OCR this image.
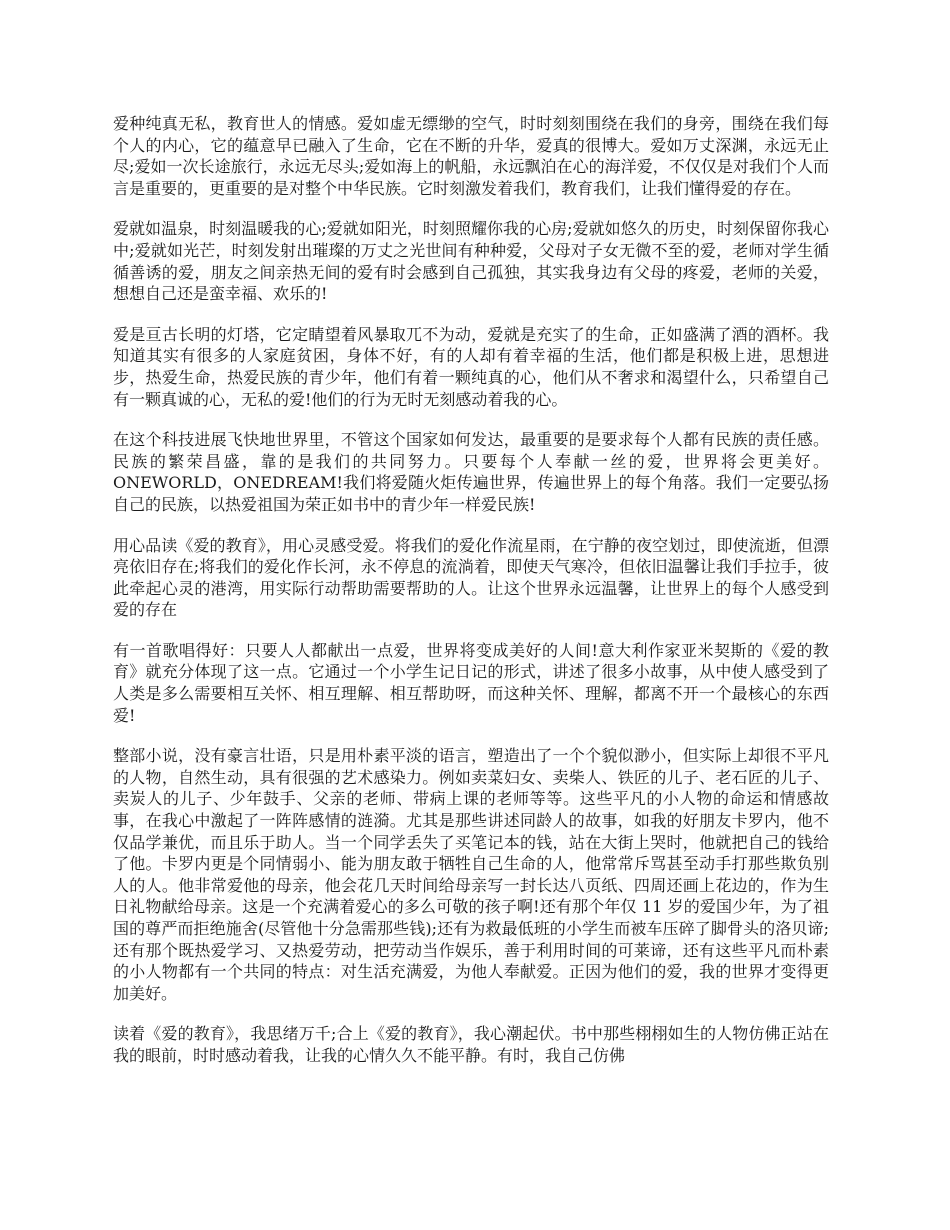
爱种纯真无私，教育世人的情感。爱如虚无缥缈的空气，时时刻刻围绕在我们的身旁，围绕在我们每个人的内心，它的蕴意早已融入了生命，它在不断的升华，爱真的很博大。爱如万丈深渊，永远无止尽;爱如一次长途旅行，永远无尽头;爱如海上的帆船，永远飘泊在心的海洋爱，不仅仅是对我们个人而言是重要的，更重要的是对整个中华民族。它时刻激发着我们，教育我们，让我们懂得爱的存在。

爱就如温泉，时刻温暖我的心;爱就如阳光，时刻照耀你我的心房;爱就如悠久的历史，时刻保留你我心中;爱就如光芒，时刻发射出璀璨的万丈之光世间有种种爱，父母对子女无微不至的爱，老师对学生循循善诱的爱，朋友之间亲热无间的爱有时会感到自己孤独，其实我身边有父母的疼爱，老师的关爱，想想自己还是蛮幸福、欢乐的!

爱是亘古长明的灯塔，它定睛望着风暴取兀不为动，爱就是充实了的生命，正如盛满了酒的酒杯。我知道其实有很多的人家庭贫困，身体不好，有的人却有着幸福的生活，他们都是积极上进，思想进步，热爱生命，热爱民族的青少年，他们有着一颗纯真的心，他们从不奢求和渴望什么，只希望自己有一颗真诚的心，无私的爱!他们的行为无时无刻感动着我的心。

在这个科技进展飞快地世界里，不管这个国家如何发达，最重要的是要求每个人都有民族的责任感。民族的繁荣昌盛，靠的是我们的共同努力。只要每个人奉献一丝的爱，世界将会更美好。ONEWORLD，ONEDREAM!我们将爱随火炬传遍世界，传遍世界上的每个角落。我们一定要弘扬自己的民族，以热爱祖国为荣正如书中的青少年一样爱民族!

用心品读《爱的教育》，用心灵感受爱。将我们的爱化作流星雨，在宁静的夜空划过，即使流逝，但漂亮依旧存在;将我们的爱化作长河，永不停息的流淌着，即使天气寒冷，但依旧温馨让我们手拉手，彼此牵起心灵的港湾，用实际行动帮助需要帮助的人。让这个世界永远温馨，让世界上的每个人感受到爱的存在

有一首歌唱得好：只要人人都献出一点爱，世界将变成美好的人间!意大利作家亚米契斯的《爱的教育》就充分体现了这一点。它通过一个小学生记日记的形式，讲述了很多小故事，从中使人感受到了人类是多么需要相互关怀、相互理解、相互帮助呀，而这种关怀、理解，都离不开一个最核心的东西爱!

整部小说，没有豪言壮语，只是用朴素平淡的语言，塑造出了一个个貌似渺小，但实际上却很不平凡的人物，自然生动，具有很强的艺术感染力。例如卖菜妇女、卖柴人、铁匠的儿子、老石匠的儿子、卖炭人的儿子、少年鼓手、父亲的老师、带病上课的老师等等。这些平凡的小人物的命运和情感故事，在我心中激起了一阵阵感情的涟漪。尤其是那些讲述同龄人的故事，如我的好朋友卡罗内，他不仅品学兼优，而且乐于助人。当一个同学丢失了买笔记本的钱，站在大街上哭时，他就把自己的钱给了他。卡罗内更是个同情弱小、能为朋友敢于牺牲自己生命的人，他常常斥骂甚至动手打那些欺负别人的人。他非常爱他的母亲，他会花几天时间给母亲写一封长达八页纸、四周还画上花边的，作为生日礼物献给母亲。这是一个充满着爱心的多么可敬的孩子啊!还有那个年仅 11 岁的爱国少年，为了祖国的尊严而拒绝施舍(尽管他十分急需那些钱);还有为救最低班的小学生而被车压碎了脚骨头的洛贝谛;还有那个既热爱学习、又热爱劳动，把劳动当作娱乐，善于利用时间的可莱谛，还有这些平凡而朴素的小人物都有一个共同的特点：对生活充满爱，为他人奉献爱。正因为他们的爱，我的世界才变得更加美好。

读着《爱的教育》，我思绪万千;合上《爱的教育》，我心潮起伏。书中那些栩栩如生的人物仿佛正站在我的眼前，时时感动着我，让我的心情久久不能平静。有时，我自己仿佛
